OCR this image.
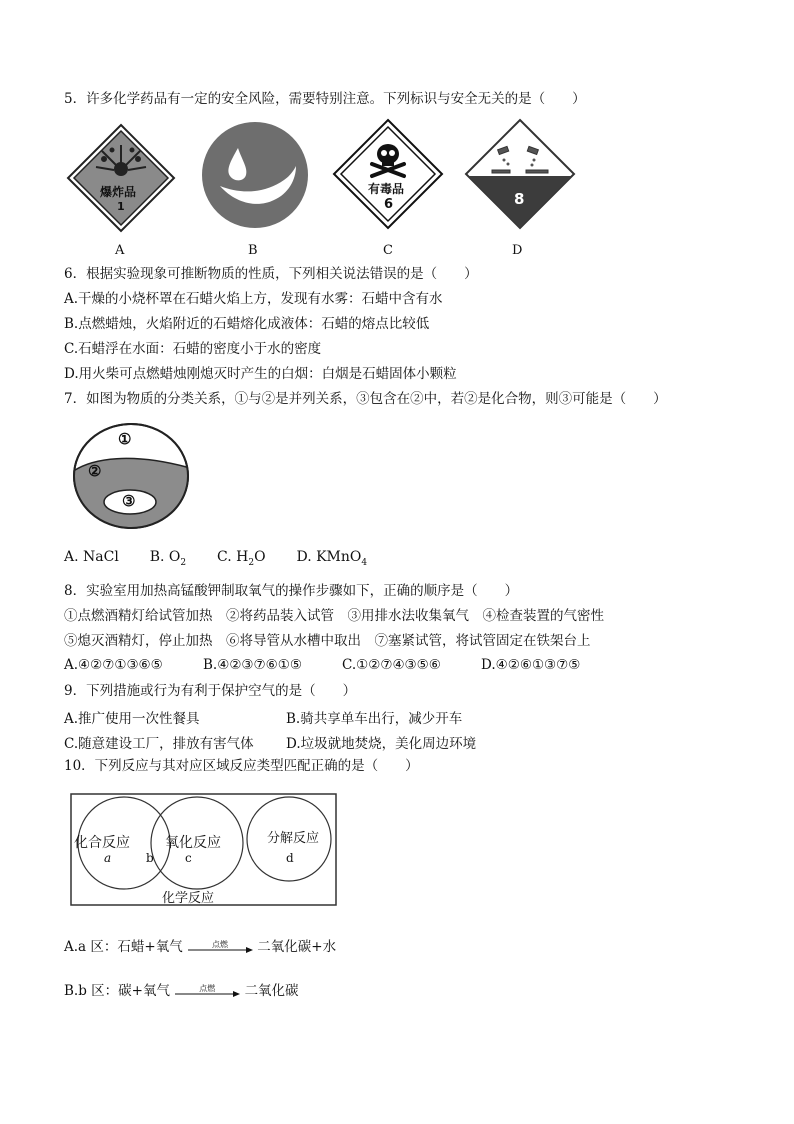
5．许多化学药品有一定的安全风险，需要特别注意。下列标识与安全无关的是（　　）
爆炸品
1
A	B
有毒品
6
C
8
D
6．根据实验现象可推断物质的性质，下列相关说法错误的是（　　）
A.干燥的小烧杯罩在石蜡火焰上方，发现有水雾：石蜡中含有水
B.点燃蜡烛，火焰附近的石蜡熔化成液体：石蜡的熔点比较低
C.石蜡浮在水面：石蜡的密度小于水的密度
D.用火柴可点燃蜡烛刚熄灭时产生的白烟：白烟是石蜡固体小颗粒
7．如图为物质的分类关系，①与②是并列关系，③包含在②中，若②是化合物，则③可能是（　　）
①
②
③
A. NaCl B. $O_2$ C. $H_2O$ D. KMnO$_4$
8．实验室用加热高锰酸钾制取氧气的操作步骤如下，正确的顺序是（　　）
①点燃酒精灯给试管加热　②将药品装入试管　③用排水法收集氧气　④检查装置的气密性
⑤熄灭酒精灯，停止加热　⑥将导管从水槽中取出　⑦塞紧试管，将试管固定在铁架台上
A.④②⑦①③⑥⑤	B.④②③⑦⑥①⑤	C.①②⑦④③⑤⑥	D.④②⑥①③⑦⑤
9．下列措施或行为有利于保护空气的是（　　）
A.推广使用一次性餐具	B.骑共享单车出行，减少开车
C.随意建设工厂，排放有害气体 D.垃圾就地焚烧，美化周边环境
10．下列反应与其对应区域反应类型匹配正确的是（　　）
化合反应	氧化反应	分解反应
a	b	c	d
化学反应
A.a 区：石蜡+氧气	点燃	二氧化碳+水
B.b 区：碳+氧气	点燃	二氧化碳
